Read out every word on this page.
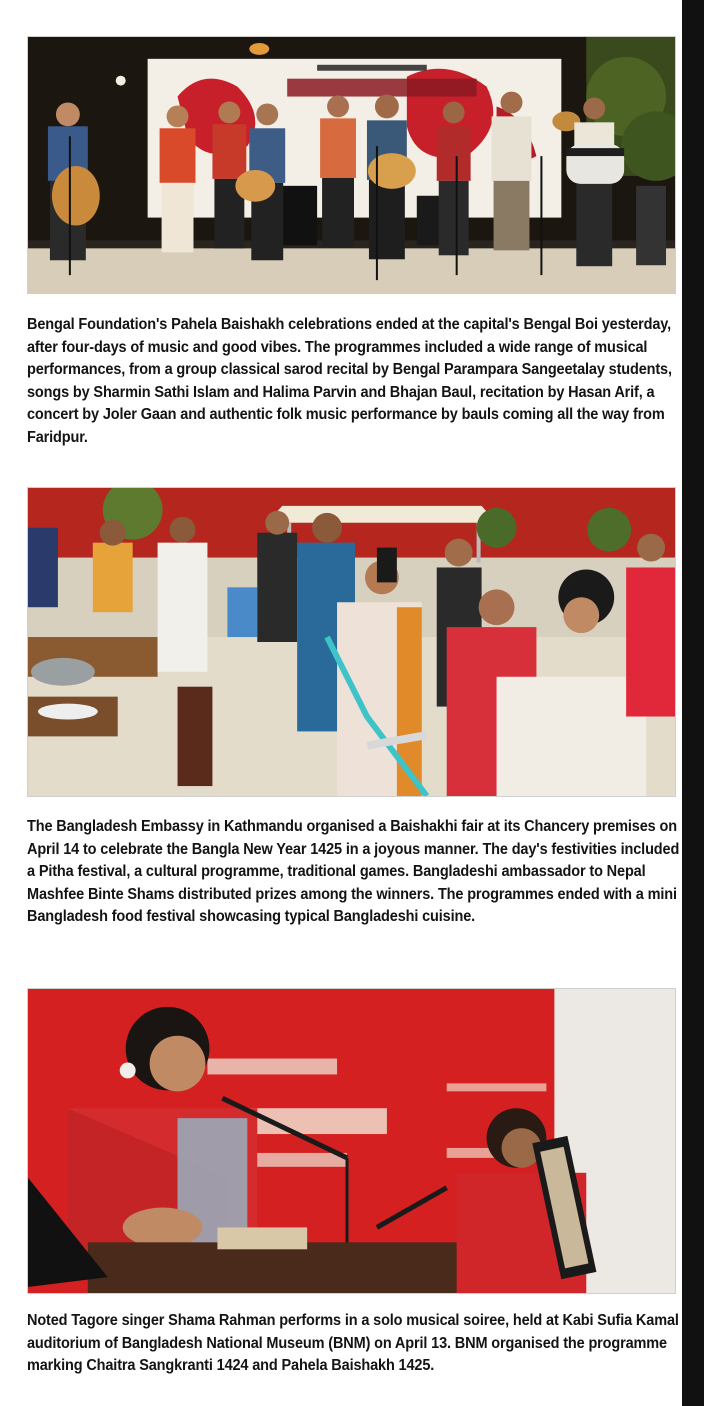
Bengal Foundation's Pahela Baishakh celebrations ended at the capital's Bengal Boi yesterday, after four-days of music and good vibes. The programmes included a wide range of musical performances, from a group classical sarod recital by Bengal Parampara Sangeetalay students, songs by Sharmin Sathi Islam and Halima Parvin and Bhajan Baul, recitation by Hasan Arif, a concert by Joler Gaan and authentic folk music performance by bauls coming all the way from Faridpur.

The Bangladesh Embassy in Kathmandu organised a Baishakhi fair at its Chancery premises on April 14 to celebrate the Bangla New Year 1425 in a joyous manner. The day's festivities included a Pitha festival, a cultural programme, traditional games. Bangladeshi ambassador to Nepal Mashfee Binte Shams distributed prizes among the winners. The programmes ended with a mini Bangladesh food festival showcasing typical Bangladeshi cuisine.

Noted Tagore singer Shama Rahman performs in a solo musical soiree, held at Kabi Sufia Kamal auditorium of Bangladesh National Museum (BNM) on April 13. BNM organised the programme marking Chaitra Sangkranti 1424 and Pahela Baishakh 1425.
